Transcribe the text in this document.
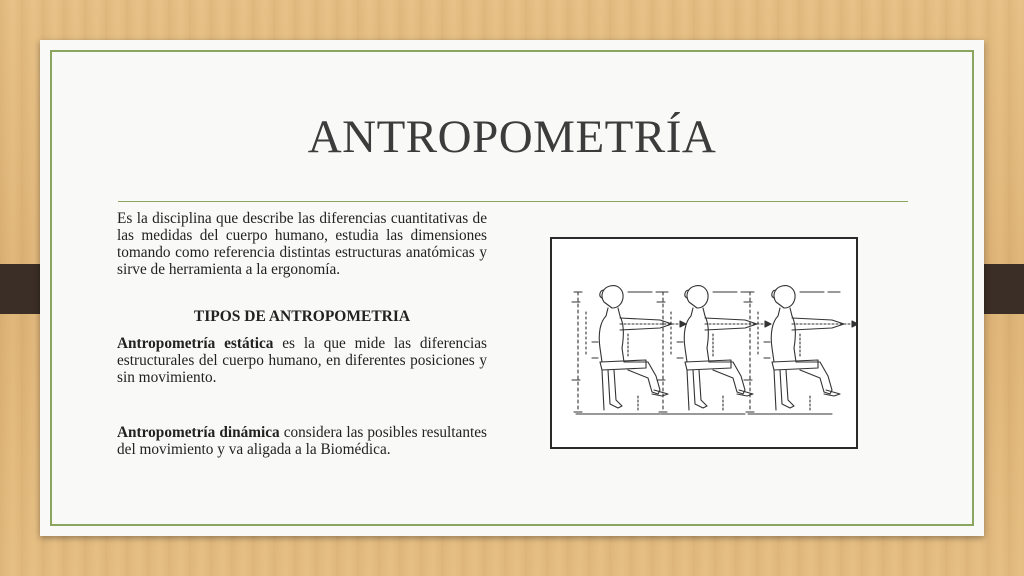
ANTROPOMETRÍA

Es la disciplina que describe las diferencias cuantitativas de las medidas del cuerpo humano, estudia las dimensiones tomando como referencia distintas estructuras anatómicas y sirve de herramienta a la ergonomía.

TIPOS DE ANTROPOMETRIA

Antropometría estática es la que mide las diferencias estructurales del cuerpo humano, en diferentes posiciones y sin movimiento.

Antropometría dinámica considera las posibles resultantes del movimiento y va aligada a la Biomédica.
